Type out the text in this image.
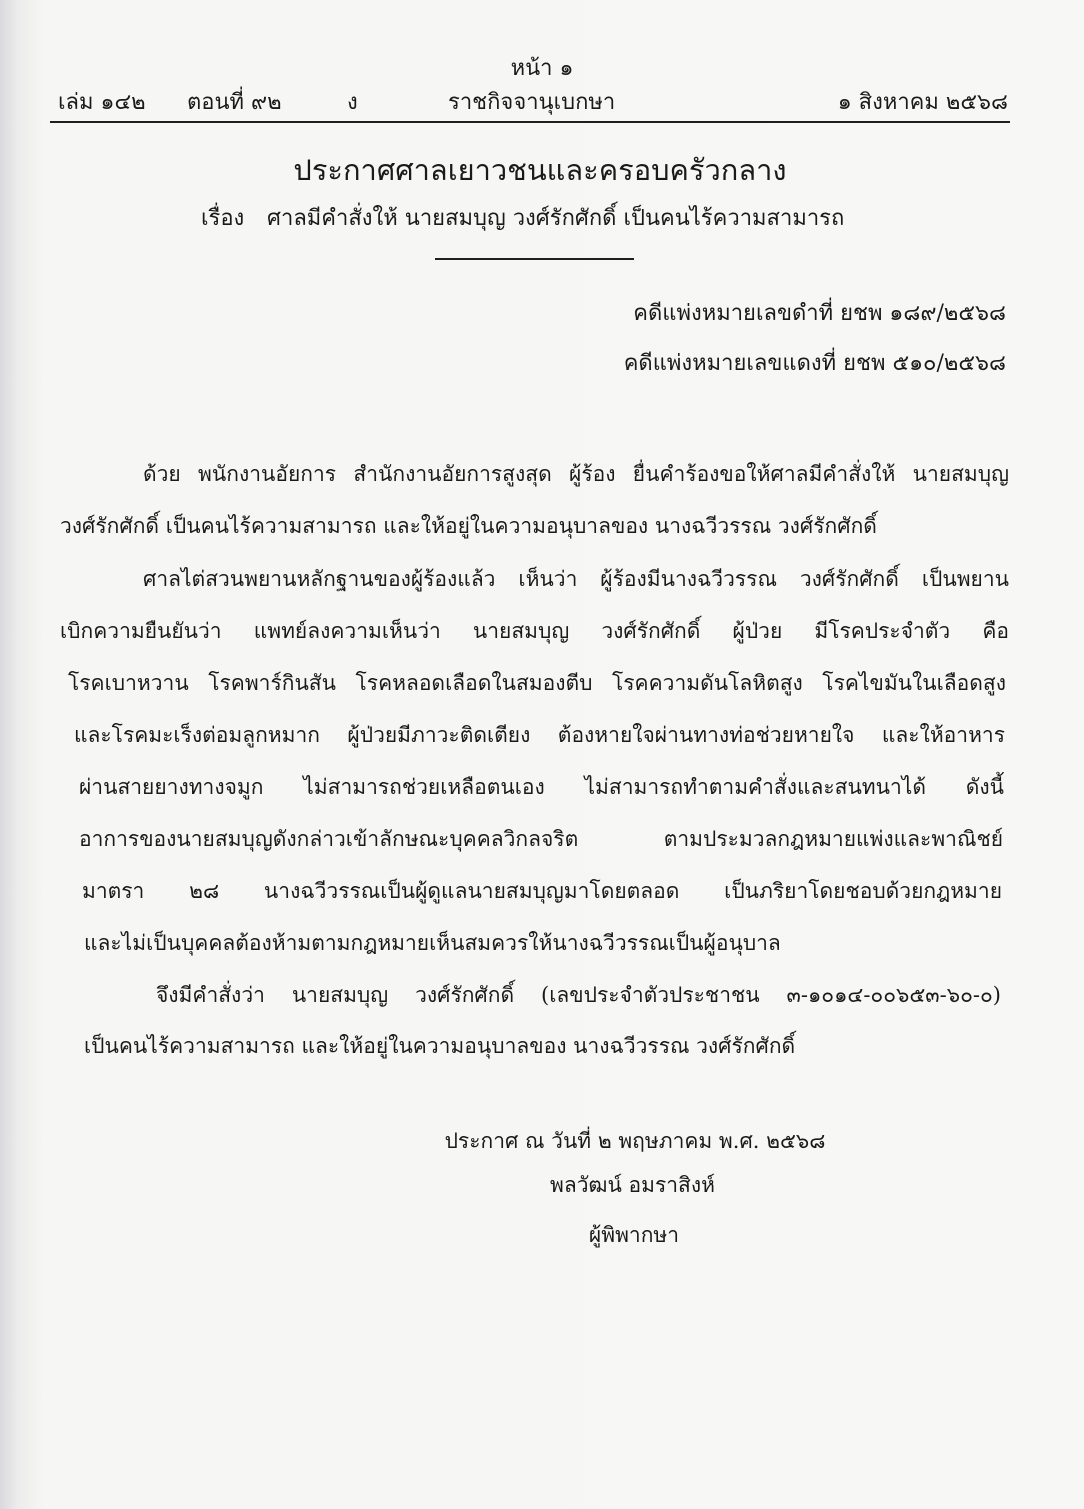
หน้า ๑
เล่ม ๑๔๒ ตอนที่ ๙๒	ง	ราชกิจจานุเบกษา	๑ สิงหาคม ๒๕๖๘
ประกาศศาลเยาวชนและครอบครัวกลาง
เรื่อง ศาลมีคำสั่งให้ นายสมบุญ วงศ์รักศักดิ์ เป็นคนไร้ความสามารถ
คดีแพ่งหมายเลขดำที่ ยชพ ๑๘๙/๒๕๖๘
คดีแพ่งหมายเลขแดงที่ ยชพ ๕๑๐/๒๕๖๘
ด้วย พนักงานอัยการ สำนักงานอัยการสูงสุด ผู้ร้อง ยื่นคำร้องขอให้ศาลมีคำสั่งให้ นายสมบุญ
วงศ์รักศักดิ์ เป็นคนไร้ความสามารถ และให้อยู่ในความอนุบาลของ นางฉวีวรรณ วงศ์รักศักดิ์
ศาลไต่สวนพยานหลักฐานของผู้ร้องแล้ว เห็นว่า ผู้ร้องมีนางฉวีวรรณ วงศ์รักศักดิ์ เป็นพยาน
เบิกความยืนยันว่า แพทย์ลงความเห็นว่า นายสมบุญ วงศ์รักศักดิ์ ผู้ป่วย มีโรคประจำตัว คือ
โรคเบาหวาน โรคพาร์กินสัน โรคหลอดเลือดในสมองตีบ โรคความดันโลหิตสูง โรคไขมันในเลือดสูง
และโรคมะเร็งต่อมลูกหมาก ผู้ป่วยมีภาวะติดเตียง ต้องหายใจผ่านทางท่อช่วยหายใจ และให้อาหาร
ผ่านสายยางทางจมูก ไม่สามารถช่วยเหลือตนเอง ไม่สามารถทำตามคำสั่งและสนทนาได้ ดังนี้
อาการของนายสมบุญดังกล่าวเข้าลักษณะบุคคลวิกลจริต ตามประมวลกฎหมายแพ่งและพาณิชย์
มาตรา ๒๘ นางฉวีวรรณเป็นผู้ดูแลนายสมบุญมาโดยตลอด เป็นภริยาโดยชอบด้วยกฎหมาย
และไม่เป็นบุคคลต้องห้ามตามกฎหมายเห็นสมควรให้นางฉวีวรรณเป็นผู้อนุบาล
จึงมีคำสั่งว่า นายสมบุญ วงศ์รักศักดิ์ (เลขประจำตัวประชาชน ๓-๑๐๑๔-๐๐๖๕๓-๖๐-๐)
เป็นคนไร้ความสามารถ และให้อยู่ในความอนุบาลของ นางฉวีวรรณ วงศ์รักศักดิ์
ประกาศ ณ วันที่ ๒ พฤษภาคม พ.ศ. ๒๕๖๘
พลวัฒน์ อมราสิงห์
ผู้พิพากษา
